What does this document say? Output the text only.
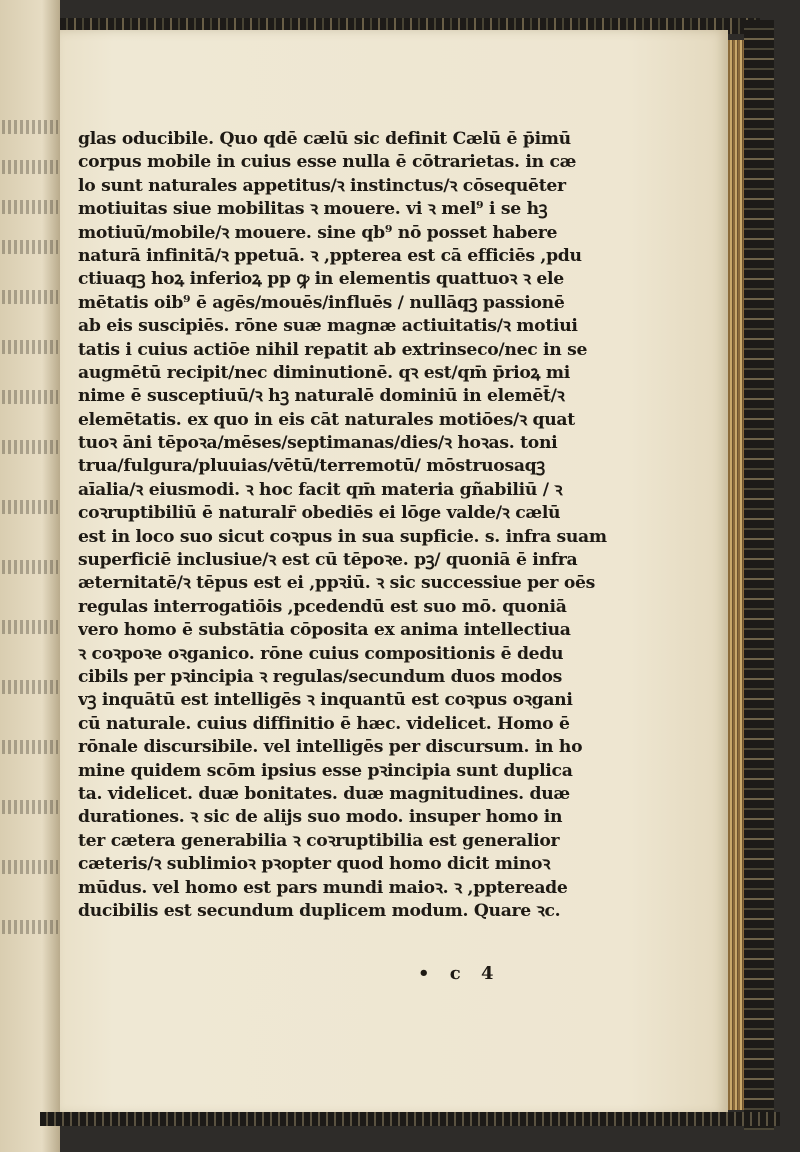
glas oducibile. Quo qdē cælū sic definit Cælū ē p̄imū
corpus mobile in cuius esse nulla ē cōtrarietas. in cæ
lo sunt naturales appetitus/ꝛ instinctus/ꝛ cōsequēter
motiuitas siue mobilitas ꝛ mouere. vi ꝛ mel⁹ i se hꝫ
motiuū/mobile/ꝛ mouere. sine qb⁹ nō posset habere
naturā infinitā/ꝛ ppetuā. ꝛ ,ppterea est cā efficiēs ,pdu
ctiuaqꝫ hoꝝ inferioꝝ pp ꝙ in elementis quattuoꝛ ꝛ ele
mētatis oib⁹ ē agēs/mouēs/influēs / nullāqꝫ passionē
ab eis suscipiēs. rōne suæ magnæ actiuitatis/ꝛ motiui
tatis i cuius actiōe nihil repatit ab extrinseco/nec in se
augmētū recipit/nec diminutionē. qꝛ est/qm̄ p̄rioꝝ mi
nime ē susceptiuū/ꝛ hꝫ naturalē dominiū in elemēt̄/ꝛ
elemētatis. ex quo in eis cāt naturales motiōes/ꝛ quat
tuoꝛ āni tēpoꝛa/mēses/septimanas/dies/ꝛ hoꝛas. toni
trua/fulgura/pluuias/vētū/terremotū/ mōstruosaqꝫ
aīalia/ꝛ eiusmodi. ꝛ hoc facit qm̄ materia gñabiliū / ꝛ
coꝛruptibiliū ē naturalr̄ obediēs ei lōge valde/ꝛ cælū
est in loco suo sicut coꝛpus in sua supficie. s. infra suam
superficiē inclusiue/ꝛ est cū tēpoꝛe. pꝫ/ quoniā ē infra
æternitatē/ꝛ tēpus est ei ,ppꝛiū. ꝛ sic successiue per oēs
regulas interrogatiōis ,pcedendū est suo mō. quoniā
vero homo ē substātia cōposita ex anima intellectiua
ꝛ coꝛpoꝛe oꝛganico. rōne cuius compositionis ē dedu
cibils per pꝛincipia ꝛ regulas/secundum duos modos
vꝫ inquātū est intelligēs ꝛ inquantū est coꝛpus oꝛgani
cū naturale. cuius diffinitio ē hæc. videlicet. Homo ē
rōnale discursibile. vel intelligēs per discursum. in ho
mine quidem scōm ipsius esse pꝛincipia sunt duplica
ta. videlicet. duæ bonitates. duæ magnitudines. duæ
durationes. ꝛ sic de alijs suo modo. insuper homo in
ter cætera generabilia ꝛ coꝛruptibilia est generalior
cæteris/ꝛ sublimioꝛ pꝛopter quod homo dicit minoꝛ
mūdus. vel homo est pars mundi maioꝛ. ꝛ ,pptereade
ducibilis est secundum duplicem modum. Quare ꝛc.
• c 4
